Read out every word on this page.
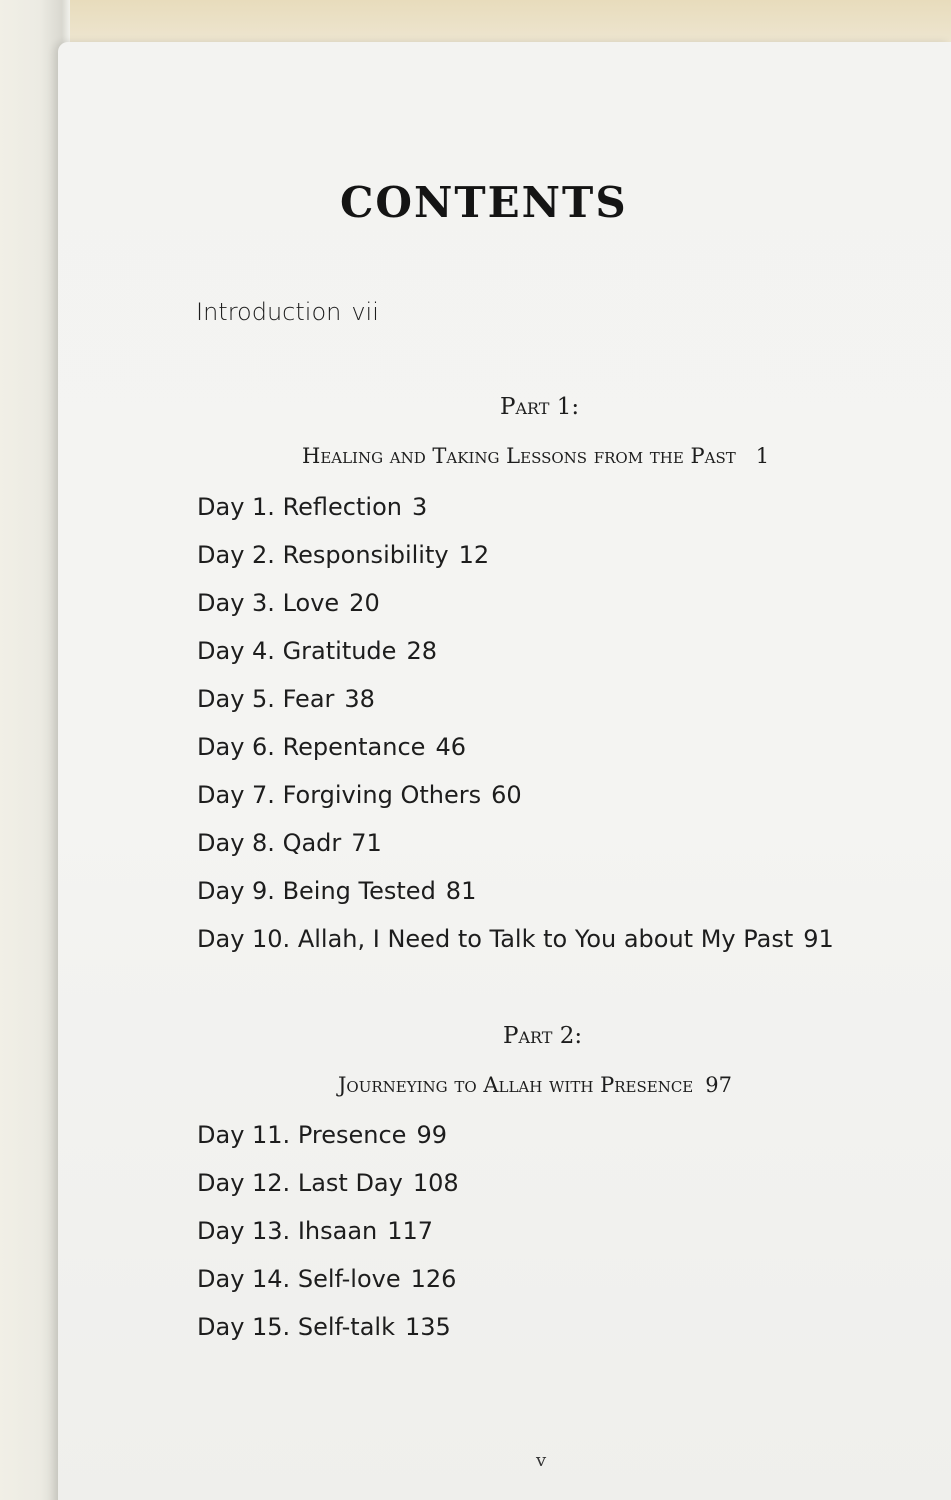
CONTENTS
Introduction vii
Part 1:
Healing and Taking Lessons from the Past 1
Day 1. Reflection 3
Day 2. Responsibility 12
Day 3. Love 20
Day 4. Gratitude 28
Day 5. Fear 38
Day 6. Repentance 46
Day 7. Forgiving Others 60
Day 8. Qadr 71
Day 9. Being Tested 81
Day 10. Allah, I Need to Talk to You about My Past 91
Part 2:
Journeying to Allah with Presence 97
Day 11. Presence 99
Day 12. Last Day 108
Day 13. Ihsaan 117
Day 14. Self-love 126
Day 15. Self-talk 135
v
